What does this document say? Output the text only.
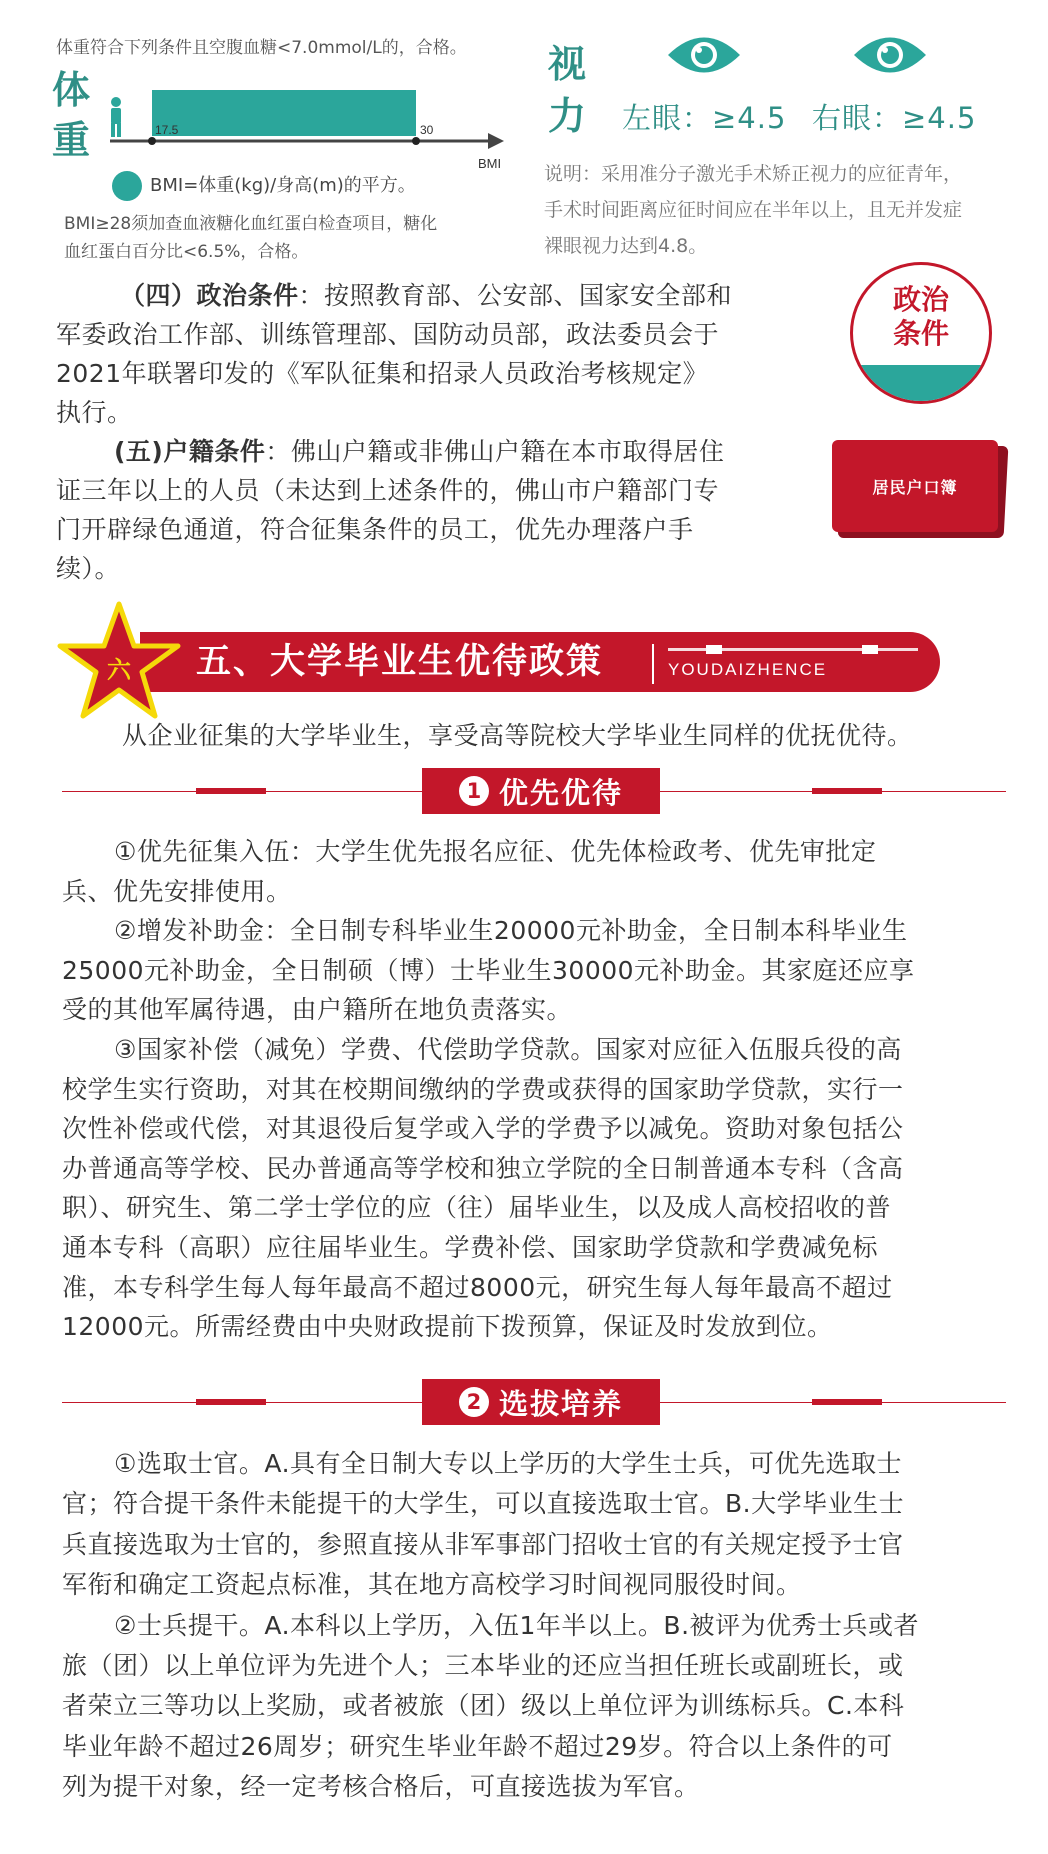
体重符合下列条件且空腹血糖<7.0mmol/L的，合格。
体
重	17.5	30
BMI
BMI=体重(kg)/身高(m)的平方。
BMI≥28须加查血液糖化血红蛋白检查项目，糖化
血红蛋白百分比<6.5%，合格。
视
力 左眼：≥4.5 右眼：≥4.5
说明：采用准分子激光手术矫正视力的应征青年，
手术时间距离应征时间应在半年以上，且无并发症
裸眼视力达到4.8。
（四）政治条件：按照教育部、公安部、国家安全部和
军委政治工作部、训练管理部、国防动员部，政法委员会于
2021年联署印发的《军队征集和招录人员政治考核规定》
执行。
政治
条件
(五)户籍条件：佛山户籍或非佛山户籍在本市取得居住
证三年以上的人员（未达到上述条件的，佛山市户籍部门专
门开辟绿色通道，符合征集条件的员工，优先办理落户手
续）。
居民户口簿
六 五、大学毕业生优待政策	YOUDAIZHENCE
从企业征集的大学毕业生，享受高等院校大学毕业生同样的优抚优待。
1 优先优待
①优先征集入伍：大学生优先报名应征、优先体检政考、优先审批定
兵、优先安排使用。
②增发补助金：全日制专科毕业生20000元补助金，全日制本科毕业生
25000元补助金，全日制硕（博）士毕业生30000元补助金。其家庭还应享
受的其他军属待遇，由户籍所在地负责落实。
③国家补偿（减免）学费、代偿助学贷款。国家对应征入伍服兵役的高
校学生实行资助，对其在校期间缴纳的学费或获得的国家助学贷款，实行一
次性补偿或代偿，对其退役后复学或入学的学费予以减免。资助对象包括公
办普通高等学校、民办普通高等学校和独立学院的全日制普通本专科（含高
职）、研究生、第二学士学位的应（往）届毕业生，以及成人高校招收的普
通本专科（高职）应往届毕业生。学费补偿、国家助学贷款和学费减免标
准，本专科学生每人每年最高不超过8000元，研究生每人每年最高不超过
12000元。所需经费由中央财政提前下拨预算，保证及时发放到位。
2 选拔培养
①选取士官。A.具有全日制大专以上学历的大学生士兵，可优先选取士
官；符合提干条件未能提干的大学生，可以直接选取士官。B.大学毕业生士
兵直接选取为士官的，参照直接从非军事部门招收士官的有关规定授予士官
军衔和确定工资起点标准，其在地方高校学习时间视同服役时间。
②士兵提干。A.本科以上学历，入伍1年半以上。B.被评为优秀士兵或者
旅（团）以上单位评为先进个人；三本毕业的还应当担任班长或副班长，或
者荣立三等功以上奖励，或者被旅（团）级以上单位评为训练标兵。C.本科
毕业年龄不超过26周岁；研究生毕业年龄不超过29岁。符合以上条件的可
列为提干对象，经一定考核合格后，可直接选拔为军官。
